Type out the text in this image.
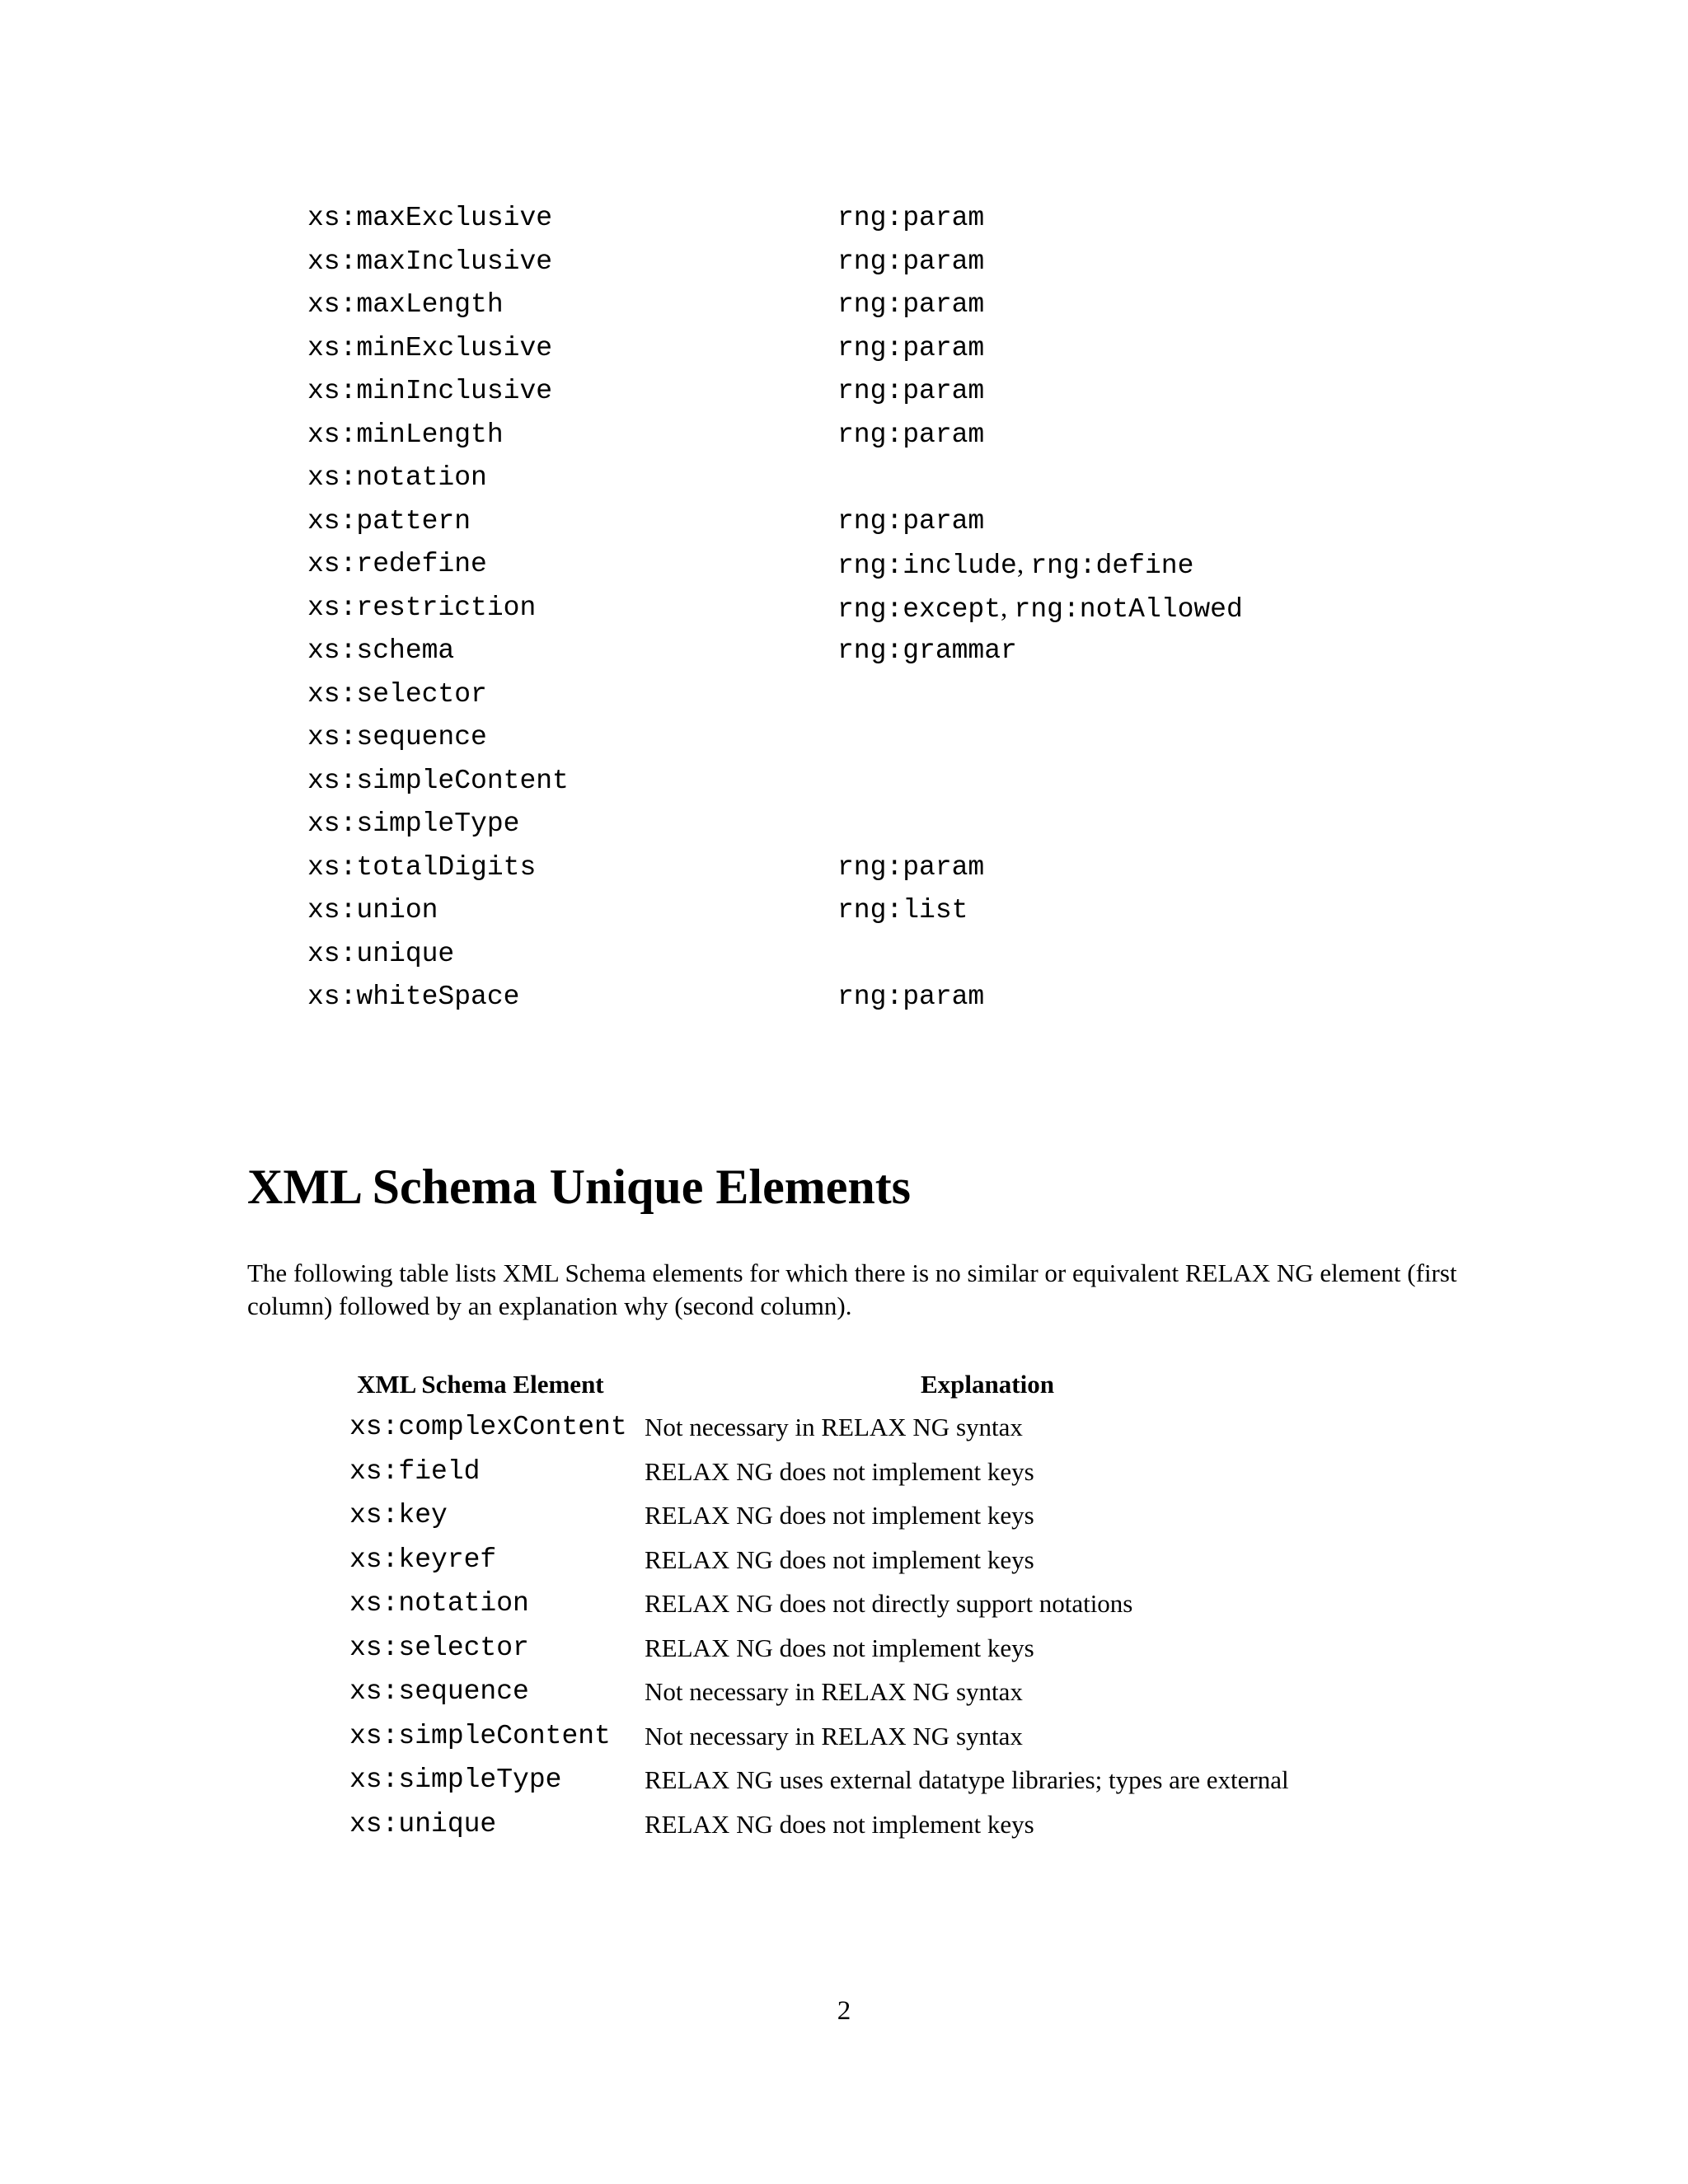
xs:maxExclusive	rng:param
xs:maxInclusive	rng:param
xs:maxLength	rng:param
xs:minExclusive	rng:param
xs:minInclusive	rng:param
xs:minLength	rng:param
xs:notation
xs:pattern	rng:param
xs:redefine	rng:include, rng:define
xs:restriction	rng:except, rng:notAllowed
xs:schema	rng:grammar
xs:selector
xs:sequence
xs:simpleContent
xs:simpleType
xs:totalDigits	rng:param
xs:union	rng:list
xs:unique
xs:whiteSpace	rng:param
XML Schema Unique Elements

The following table lists XML Schema elements for which there is no similar or equivalent RELAX NG element (first column) followed by an explanation why (second column).

XML Schema Element	Explanation
xs:complexContent Not necessary in RELAX NG syntax
xs:field	RELAX NG does not implement keys
xs:key	RELAX NG does not implement keys
xs:keyref	RELAX NG does not implement keys
xs:notation	RELAX NG does not directly support notations
xs:selector	RELAX NG does not implement keys
xs:sequence	Not necessary in RELAX NG syntax
xs:simpleContent Not necessary in RELAX NG syntax
xs:simpleType	RELAX NG uses external datatype libraries; types are external
xs:unique	RELAX NG does not implement keys
2
